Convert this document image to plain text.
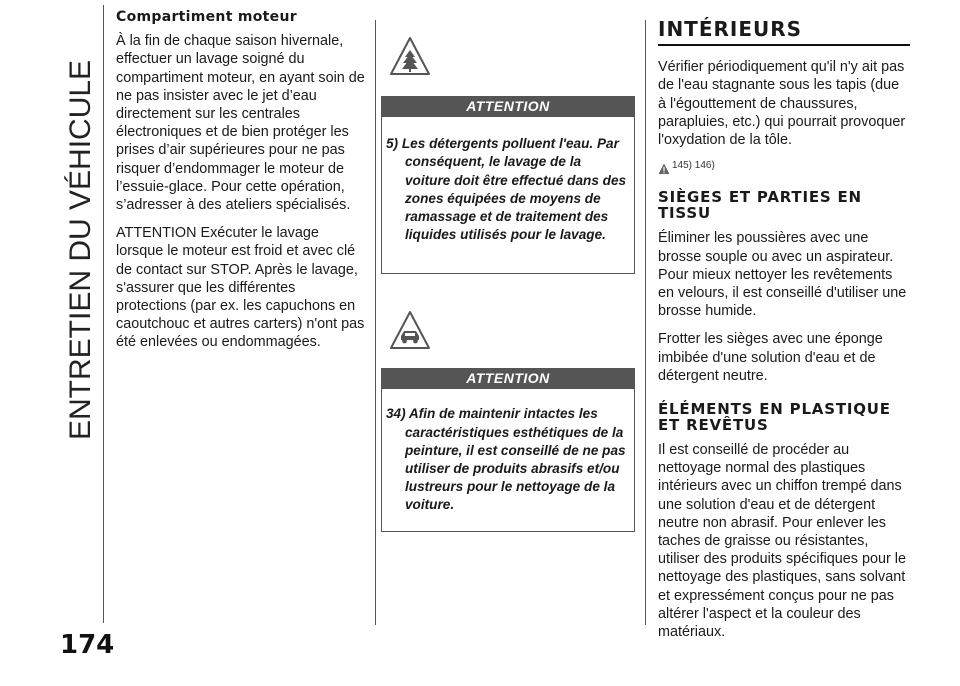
ENTRETIEN DU VÉHICULE
174
Compartiment moteur

À la fin de chaque saison hivernale, effectuer un lavage soigné du compartiment moteur, en ayant soin de ne pas insister avec le jet d’eau directement sur les centrales électroniques et de bien protéger les prises d’air supérieures pour ne pas risquer d’endommager le moteur de l’essuie-glace. Pour cette opération, s’adresser à des ateliers spécialisés.

ATTENTION Exécuter le lavage lorsque le moteur est froid et avec clé de contact sur STOP. Après le lavage, s'assurer que les différentes protections (par ex. les capuchons en caoutchouc et autres carters) n'ont pas été enlevées ou endommagées.

ATTENTION

5) Les détergents polluent l'eau. Par conséquent, le lavage de la voiture doit être effectué dans des zones équipées de moyens de ramassage et de traitement des liquides utilisés pour le lavage.

ATTENTION

34) Afin de maintenir intactes les caractéristiques esthétiques de la peinture, il est conseillé de ne pas utiliser de produits abrasifs et/ou lustreurs pour le nettoyage de la voiture.

INTÉRIEURS

Vérifier périodiquement qu'il n'y ait pas de l'eau stagnante sous les tapis (due à l'égouttement de chaussures, parapluies, etc.) qui pourrait provoquer l'oxydation de la tôle.

145) 146)
SIÈGES ET PARTIES EN TISSU

Éliminer les poussières avec une brosse souple ou avec un aspirateur. Pour mieux nettoyer les revêtements en velours, il est conseillé d'utiliser une brosse humide.

Frotter les sièges avec une éponge imbibée d'une solution d'eau et de détergent neutre.

ÉLÉMENTS EN PLASTIQUE ET REVÊTUS

Il est conseillé de procéder au nettoyage normal des plastiques intérieurs avec un chiffon trempé dans une solution d'eau et de détergent neutre non abrasif. Pour enlever les taches de graisse ou résistantes, utiliser des produits spécifiques pour le nettoyage des plastiques, sans solvant et expressément conçus pour ne pas altérer l'aspect et la couleur des matériaux.
